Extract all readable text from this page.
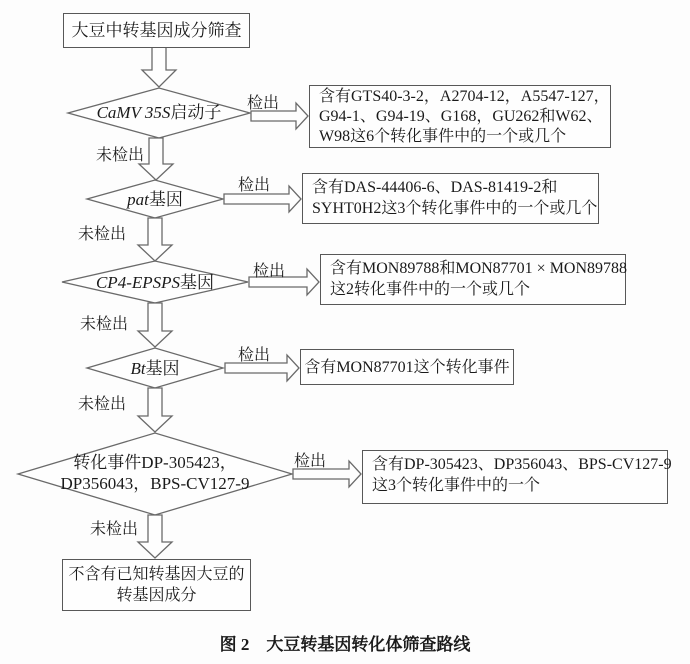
大豆中转基因成分筛查
CaMV 35S启动子
pat基因
CP4-EPSPS基因
Bt基因
转化事件DP-305423，
DP356043，BPS-CV127-9
检出
检出
检出
检出
检出
未检出
未检出
未检出
未检出
未检出
含有GTS40-3-2，A2704-12，A5547-127，
G94-1、G94-19、G168，GU262和W62、
W98这6个转化事件中的一个或几个
含有DAS-44406-6、DAS-81419-2和
SYHT0H2这3个转化事件中的一个或几个
含有MON89788和MON87701 × MON89788
这2转化事件中的一个或几个
含有MON87701这个转化事件
含有DP-305423、DP356043、BPS-CV127-9
这3个转化事件中的一个
不含有已知转基因大豆的
转基因成分
图 2　大豆转基因转化体筛查路线
